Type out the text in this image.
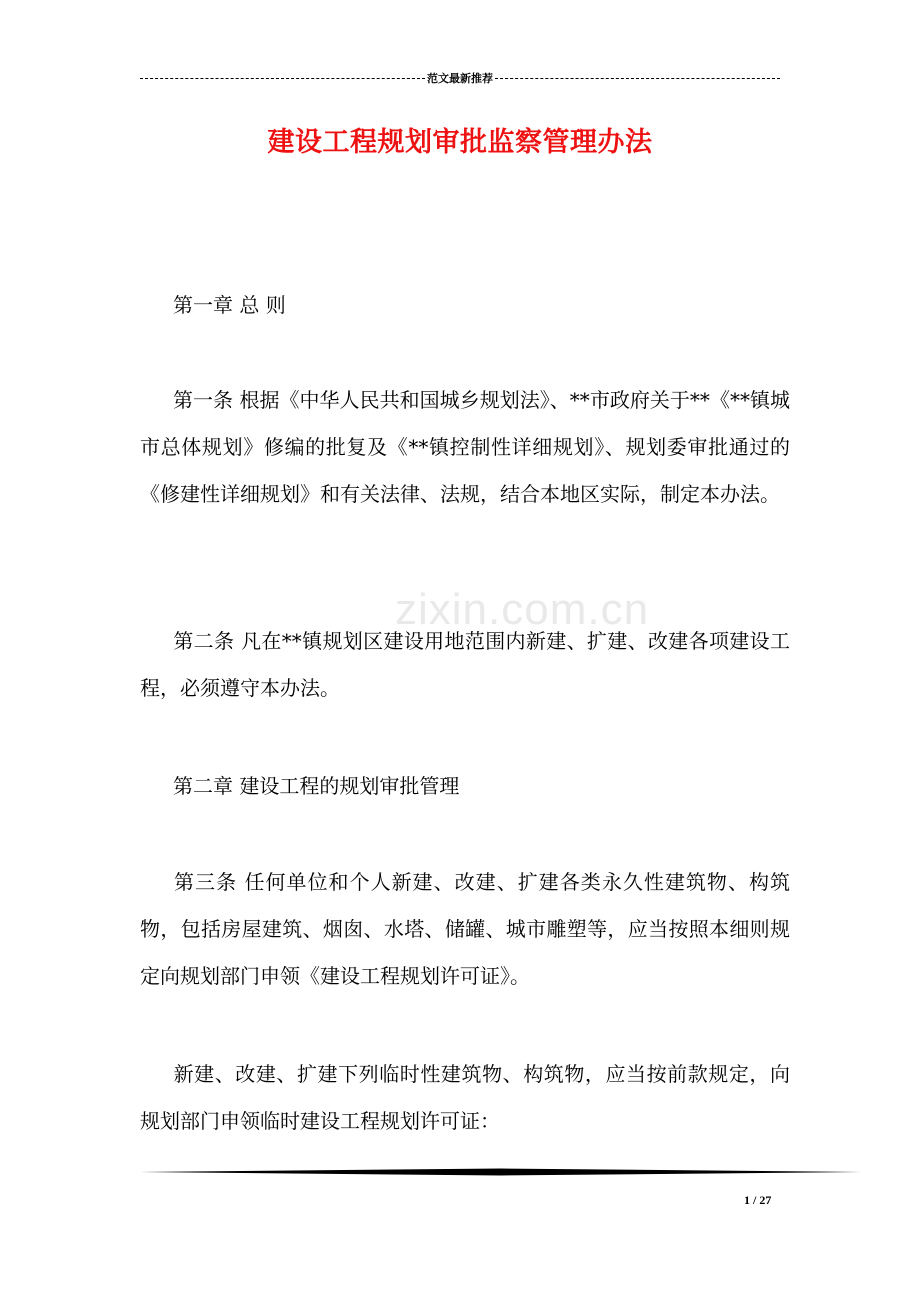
范文最新推荐
建设工程规划审批监察管理办法
zixin.com.cn
第一章 总 则
第一条 根据《中华人民共和国城乡规划法》、**市政府关于**《**镇城市总体规划》修编的批复及《**镇控制性详细规划》、规划委审批通过的《修建性详细规划》和有关法律、法规，结合本地区实际，制定本办法。
第二条 凡在**镇规划区建设用地范围内新建、扩建、改建各项建设工程，必须遵守本办法。
第二章 建设工程的规划审批管理
第三条 任何单位和个人新建、改建、扩建各类永久性建筑物、构筑物，包括房屋建筑、烟囱、水塔、储罐、城市雕塑等，应当按照本细则规定向规划部门申领《建设工程规划许可证》。
新建、改建、扩建下列临时性建筑物、构筑物，应当按前款规定，向规划部门申领临时建设工程规划许可证：
1 / 27
